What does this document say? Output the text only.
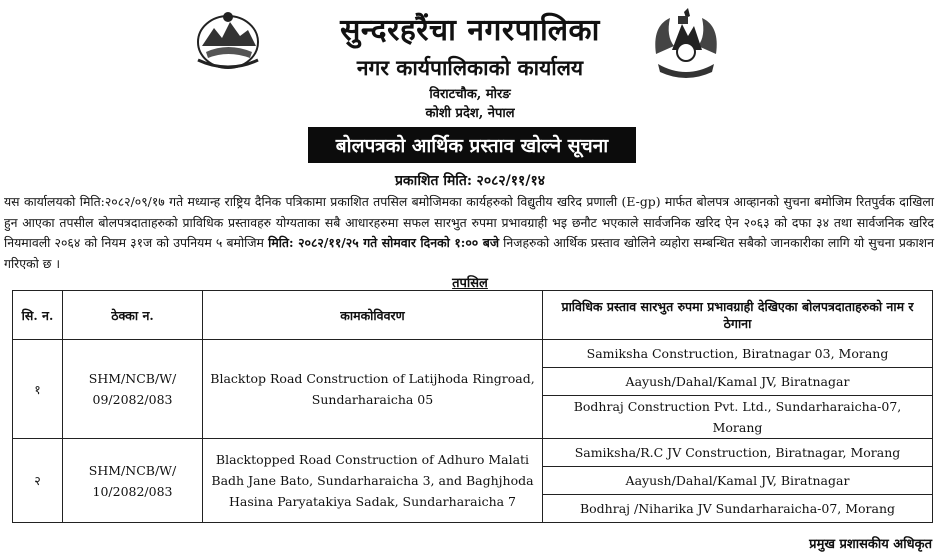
सुन्दरहरैंचा नगरपालिका
नगर कार्यपालिकाको कार्यालय
विराटचौक, मोरङ
कोशी प्रदेश, नेपाल
बोलपत्रको आर्थिक प्रस्ताव खोल्ने सूचना
प्रकाशित मिति: २०८२/११/१४
यस कार्यालयको मिति:२०८२/०९/१७ गते मध्यान्ह राष्ट्रिय दैनिक पत्रिकामा प्रकाशित तपसिल बमोजिमका कार्यहरुको विद्युतीय खरिद प्रणाली (E-gp) मार्फत बोलपत्र आव्हानको सुचना बमोजिम रितपुर्वक दाखिला हुन आएका तपसील बोलपत्रदाताहरुको प्राविधिक प्रस्तावहरु योग्यताका सबै आधारहरुमा सफल सारभुत रुपमा प्रभावग्राही भइ छनौट भएकाले सार्वजनिक खरिद ऐन २०६३ को दफा ३४ तथा सार्वजनिक खरिद नियमावली २०६४ को नियम ३१ज को उपनियम ५ बमोजिम मिति: २०८२/११/२५ गते सोमवार दिनको १:०० बजे निजहरुको आर्थिक प्रस्ताव खोलिने व्यहोरा सम्बन्धित सबैको जानकारीका लागि यो सुचना प्रकाशन गरिएको छ ।
तपसिल
सि. न.	ठेक्का न.	कामकोविवरण	प्राविधिक प्रस्ताव सारभुत रुपमा प्रभावग्राही देखिएका बोलपत्रदाताहरुको नाम र ठेगाना
१	SHM/NCB/W/ 09/2082/083	Blacktop Road Construction of Latijhoda Ringroad, Sundarharaicha 05	Samiksha Construction, Biratnagar 03, Morang
			Aayush/Dahal/Kamal JV, Biratnagar
			Bodhraj Construction Pvt. Ltd., Sundarharaicha-07, Morang
२	SHM/NCB/W/ 10/2082/083	Blacktopped Road Construction of Adhuro Malati Badh Jane Bato, Sundarharaicha 3, and Baghjhoda Hasina Paryatakiya Sadak, Sundarharaicha 7	Samiksha/R.C JV Construction, Biratnagar, Morang
			Aayush/Dahal/Kamal JV, Biratnagar
			Bodhraj /Niharika JV Sundarharaicha-07, Morang
प्रमुख प्रशासकीय अधिकृत
